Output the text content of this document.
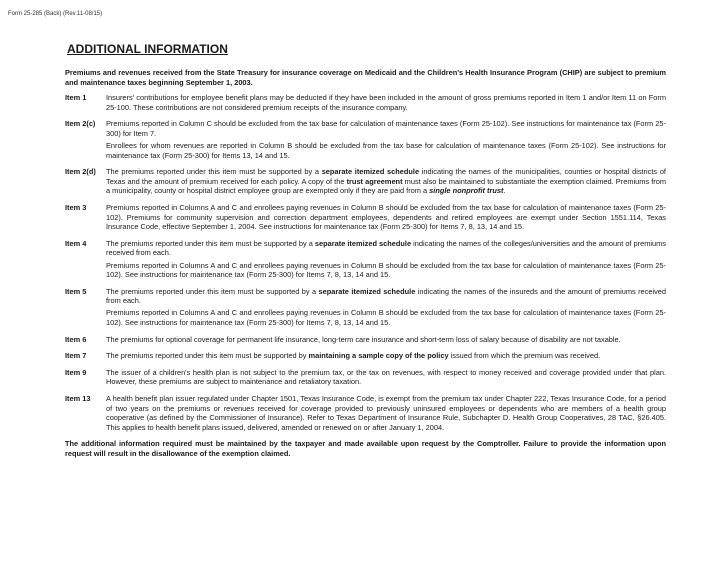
Form 25-285 (Back) (Rev.11-08/15)
ADDITIONAL INFORMATION
Premiums and revenues received from the State Treasury for insurance coverage on Medicaid and the Children's Health Insurance Program (CHIP) are subject to premium and maintenance taxes beginning September 1, 2003.
Item 1	Insurers' contributions for employee benefit plans may be deducted if they have been included in the amount of gross premiums reported in Item 1 and/or Item 11 on Form 25-100. These contributions are not considered premium receipts of the insurance company.

Item 2(c)	Premiums reported in Column C should be excluded from the tax base for calculation of maintenance taxes (Form 25-102). See instructions for maintenance tax (Form 25-300) for Item 7.

Enrollees for whom revenues are reported in Column B should be excluded from the tax base for calculation of maintenance taxes (Form 25-102). See instructions for maintenance tax (Form 25-300) for Items 13, 14 and 15.

Item 2(d)	The premiums reported under this item must be supported by a separate itemized schedule indicating the names of the municipalities, counties or hospital districts of Texas and the amount of premium received for each policy. A copy of the trust agreement must also be maintained to substantiate the exemption claimed. Premiums from a municipality, county or hospital district employee group are exempted only if they are paid from a single nonprofit trust.

Item 3	Premiums reported in Columns A and C and enrollees paying revenues in Column B should be excluded from the tax base for calculation of maintenance taxes (Form 25-102). Premiums for community supervision and correction department employees, dependents and retired employees are exempt under Section 1551.114, Texas Insurance Code, effective September 1, 2004. See instructions for maintenance tax (Form 25-300) for Items 7, 8, 13, 14 and 15.

Item 4	The premiums reported under this item must be supported by a separate itemized schedule indicating the names of the colleges/universities and the amount of premiums received from each.

Premiums reported in Columns A and C and enrollees paying revenues in Column B should be excluded from the tax base for calculation of maintenance taxes (Form 25-102). See instructions for maintenance tax (Form 25-300) for Items 7, 8, 13, 14 and 15.

Item 5	The premiums reported under this item must be supported by a separate itemized schedule indicating the names of the insureds and the amount of premiums received from each.

Premiums reported in Columns A and C and enrollees paying revenues in Column B should be excluded from the tax base for calculation of maintenance taxes (Form 25-102). See instructions for maintenance tax (Form 25-300) for Items 7, 8, 13, 14 and 15.

Item 6	The premiums for optional coverage for permanent life insurance, long-term care insurance and short-term loss of salary because of disability are not taxable.

Item 7	The premiums reported under this item must be supported by maintaining a sample copy of the policy issued from which the premium was received.

Item 9	The issuer of a children's health plan is not subject to the premium tax, or the tax on revenues, with respect to money received and coverage provided under that plan. However, these premiums are subject to maintenance and retaliatory taxation.

Item 13	A health benefit plan issuer regulated under Chapter 1501, Texas Insurance Code, is exempt from the premium tax under Chapter 222, Texas Insurance Code, for a period of two years on the premiums or revenues received for coverage provided to previously uninsured employees or dependents who are members of a health group cooperative (as defined by the Commissioner of Insurance). Refer to Texas Department of Insurance Rule, Subchapter D. Health Group Cooperatives, 28 TAC, §26.405. This applies to health benefit plans issued, delivered, amended or renewed on or after January 1, 2004.

The additional information required must be maintained by the taxpayer and made available upon request by the Comptroller. Failure to provide the information upon request will result in the disallowance of the exemption claimed.
